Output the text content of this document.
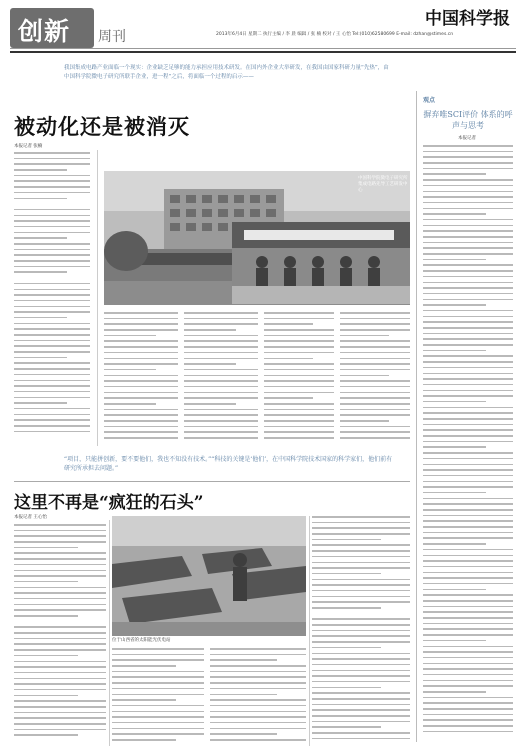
创新 周刊
中国科学报
2013年6月4日 星期二 执行主编 / 李 晨 编辑 / 张 楠 校对 / 王 心怡 Tel:(010)62580699 E-mail: dzhan@stimes.cn
我国集成电路产业面临一个现实：企业缺乏足够的能力承担应用技术研发。在国内外企业大举研发，在我国由国家科研力量“先热”，由中国科学院微电子研究所联手企业，进一程“之后，将面临一个过程的启示——
被动化还是被消灭
本报记者 张楠
中国科学院微电子研究所集成电路先导工艺研发中心
“项目，只能拼创新，要不要他们，我也不知没有技术。”“科技的关键是‘他们’，在中国科学院技术国家的科学家们，他们前有研究所承担去问题。”
这里不再是“疯狂的石头”
本报记者 王心怡
位于山西省的太阳能光伏电站
观点
摒弃唯SCI评价 体系的呼声与思考
本报记者
